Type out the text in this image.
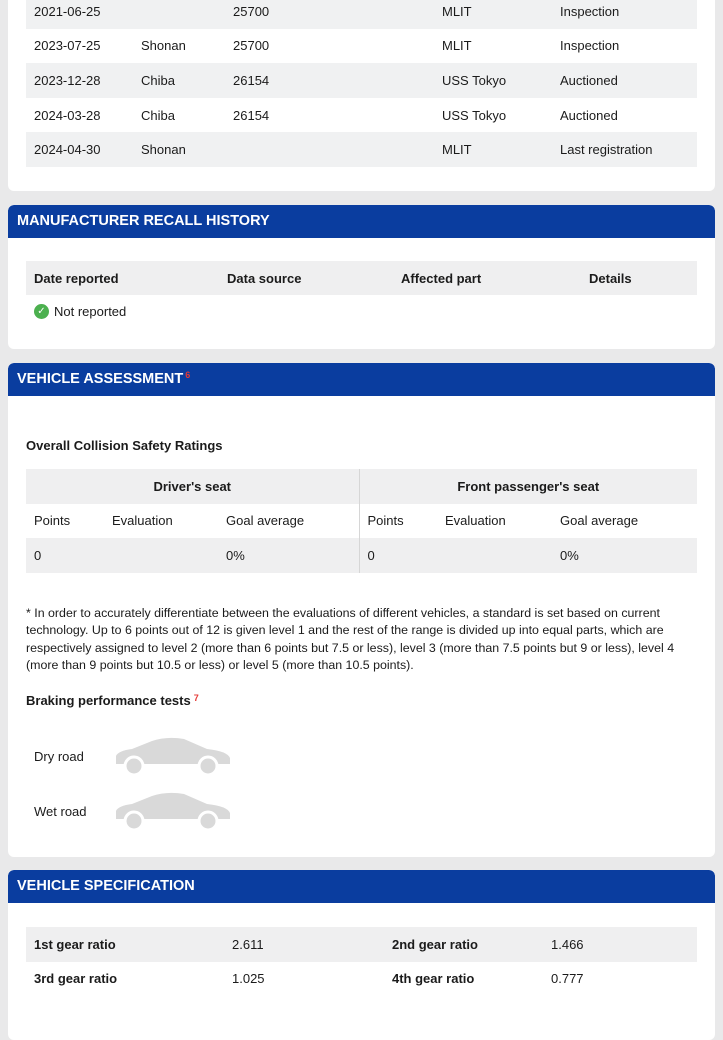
2021-06-25		25700	MLIT	Inspection
2023-07-25	Shonan	25700	MLIT	Inspection
2023-12-28	Chiba	26154	USS Tokyo	Auctioned
2024-03-28	Chiba	26154	USS Tokyo	Auctioned
2024-04-30	Shonan		MLIT	Last registration
MANUFACTURER RECALL HISTORY
Date reported	Data source	Affected part	Details
✓ Not reported
VEHICLE ASSESSMENT $^6$
Overall Collision Safety Ratings
Driver's seat			Front passenger's seat		
Points	Evaluation	Goal average	Points	Evaluation	Goal average
0		0%	0		0%

* In order to accurately differentiate between the evaluations of different vehicles, a standard is set based on current technology. Up to 6 points out of 12 is given level 1 and the rest of the range is divided up into equal parts, which are respectively assigned to level 2 (more than 6 points but 7.5 or less), level 3 (more than 7.5 points but 9 or less), level 4 (more than 9 points but 10.5 or less) or level 5 (more than 10.5 points).

Braking performance tests $^7$
Dry road
Wet road
VEHICLE SPECIFICATION
1st gear ratio	2.611	2nd gear ratio	1.466
3rd gear ratio	1.025	4th gear ratio	0.777
